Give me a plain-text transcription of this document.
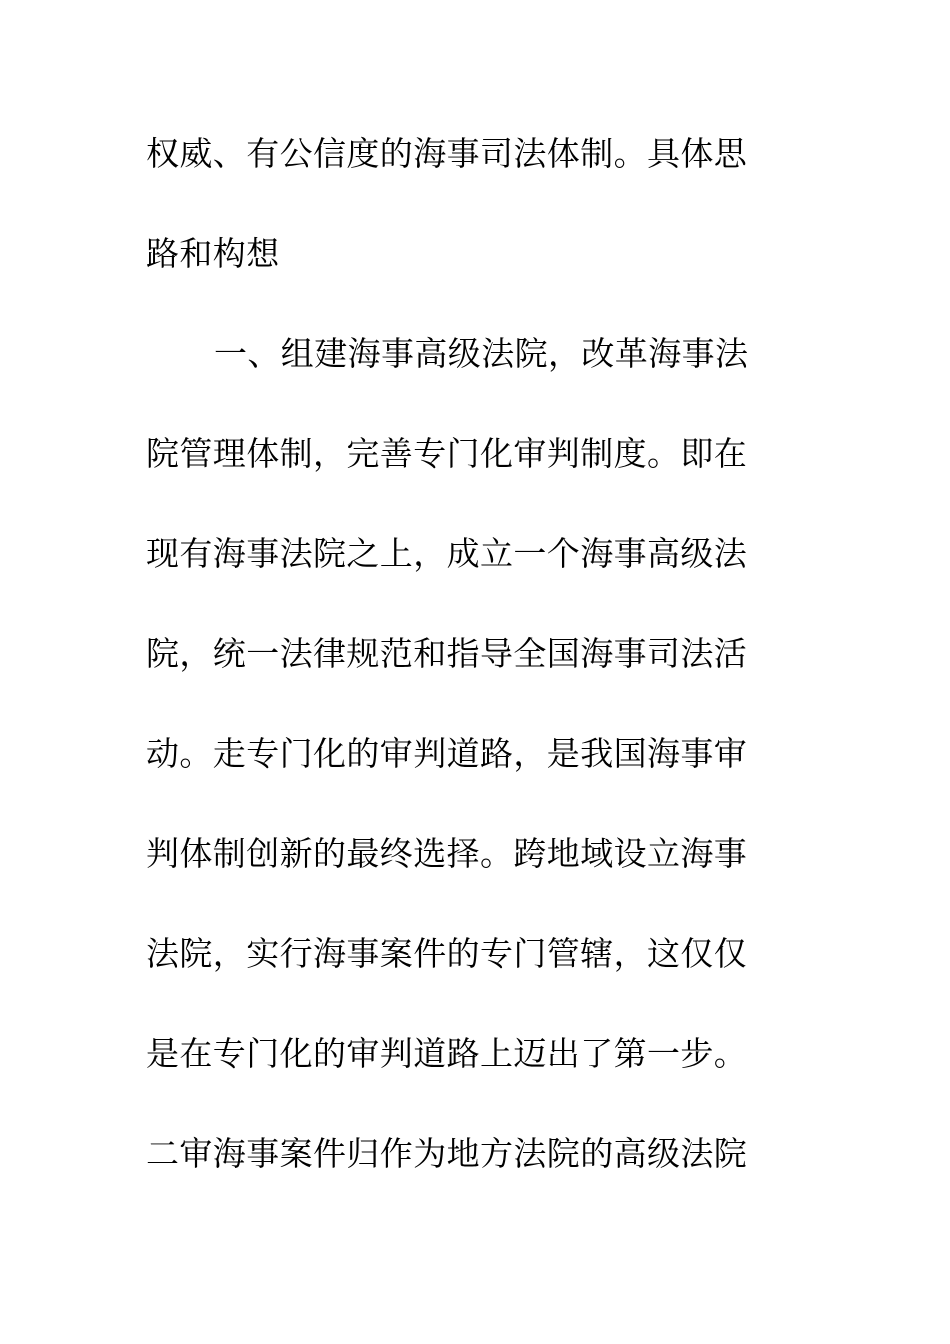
权威、有公信度的海事司法体制。具体思
路和构想
一、组建海事高级法院，改革海事法
院管理体制，完善专门化审判制度。即在
现有海事法院之上，成立一个海事高级法
院，统一法律规范和指导全国海事司法活
动。走专门化的审判道路，是我国海事审
判体制创新的最终选择。跨地域设立海事
法院，实行海事案件的专门管辖，这仅仅
是在专门化的审判道路上迈出了第一步。
二审海事案件归作为地方法院的高级法院
